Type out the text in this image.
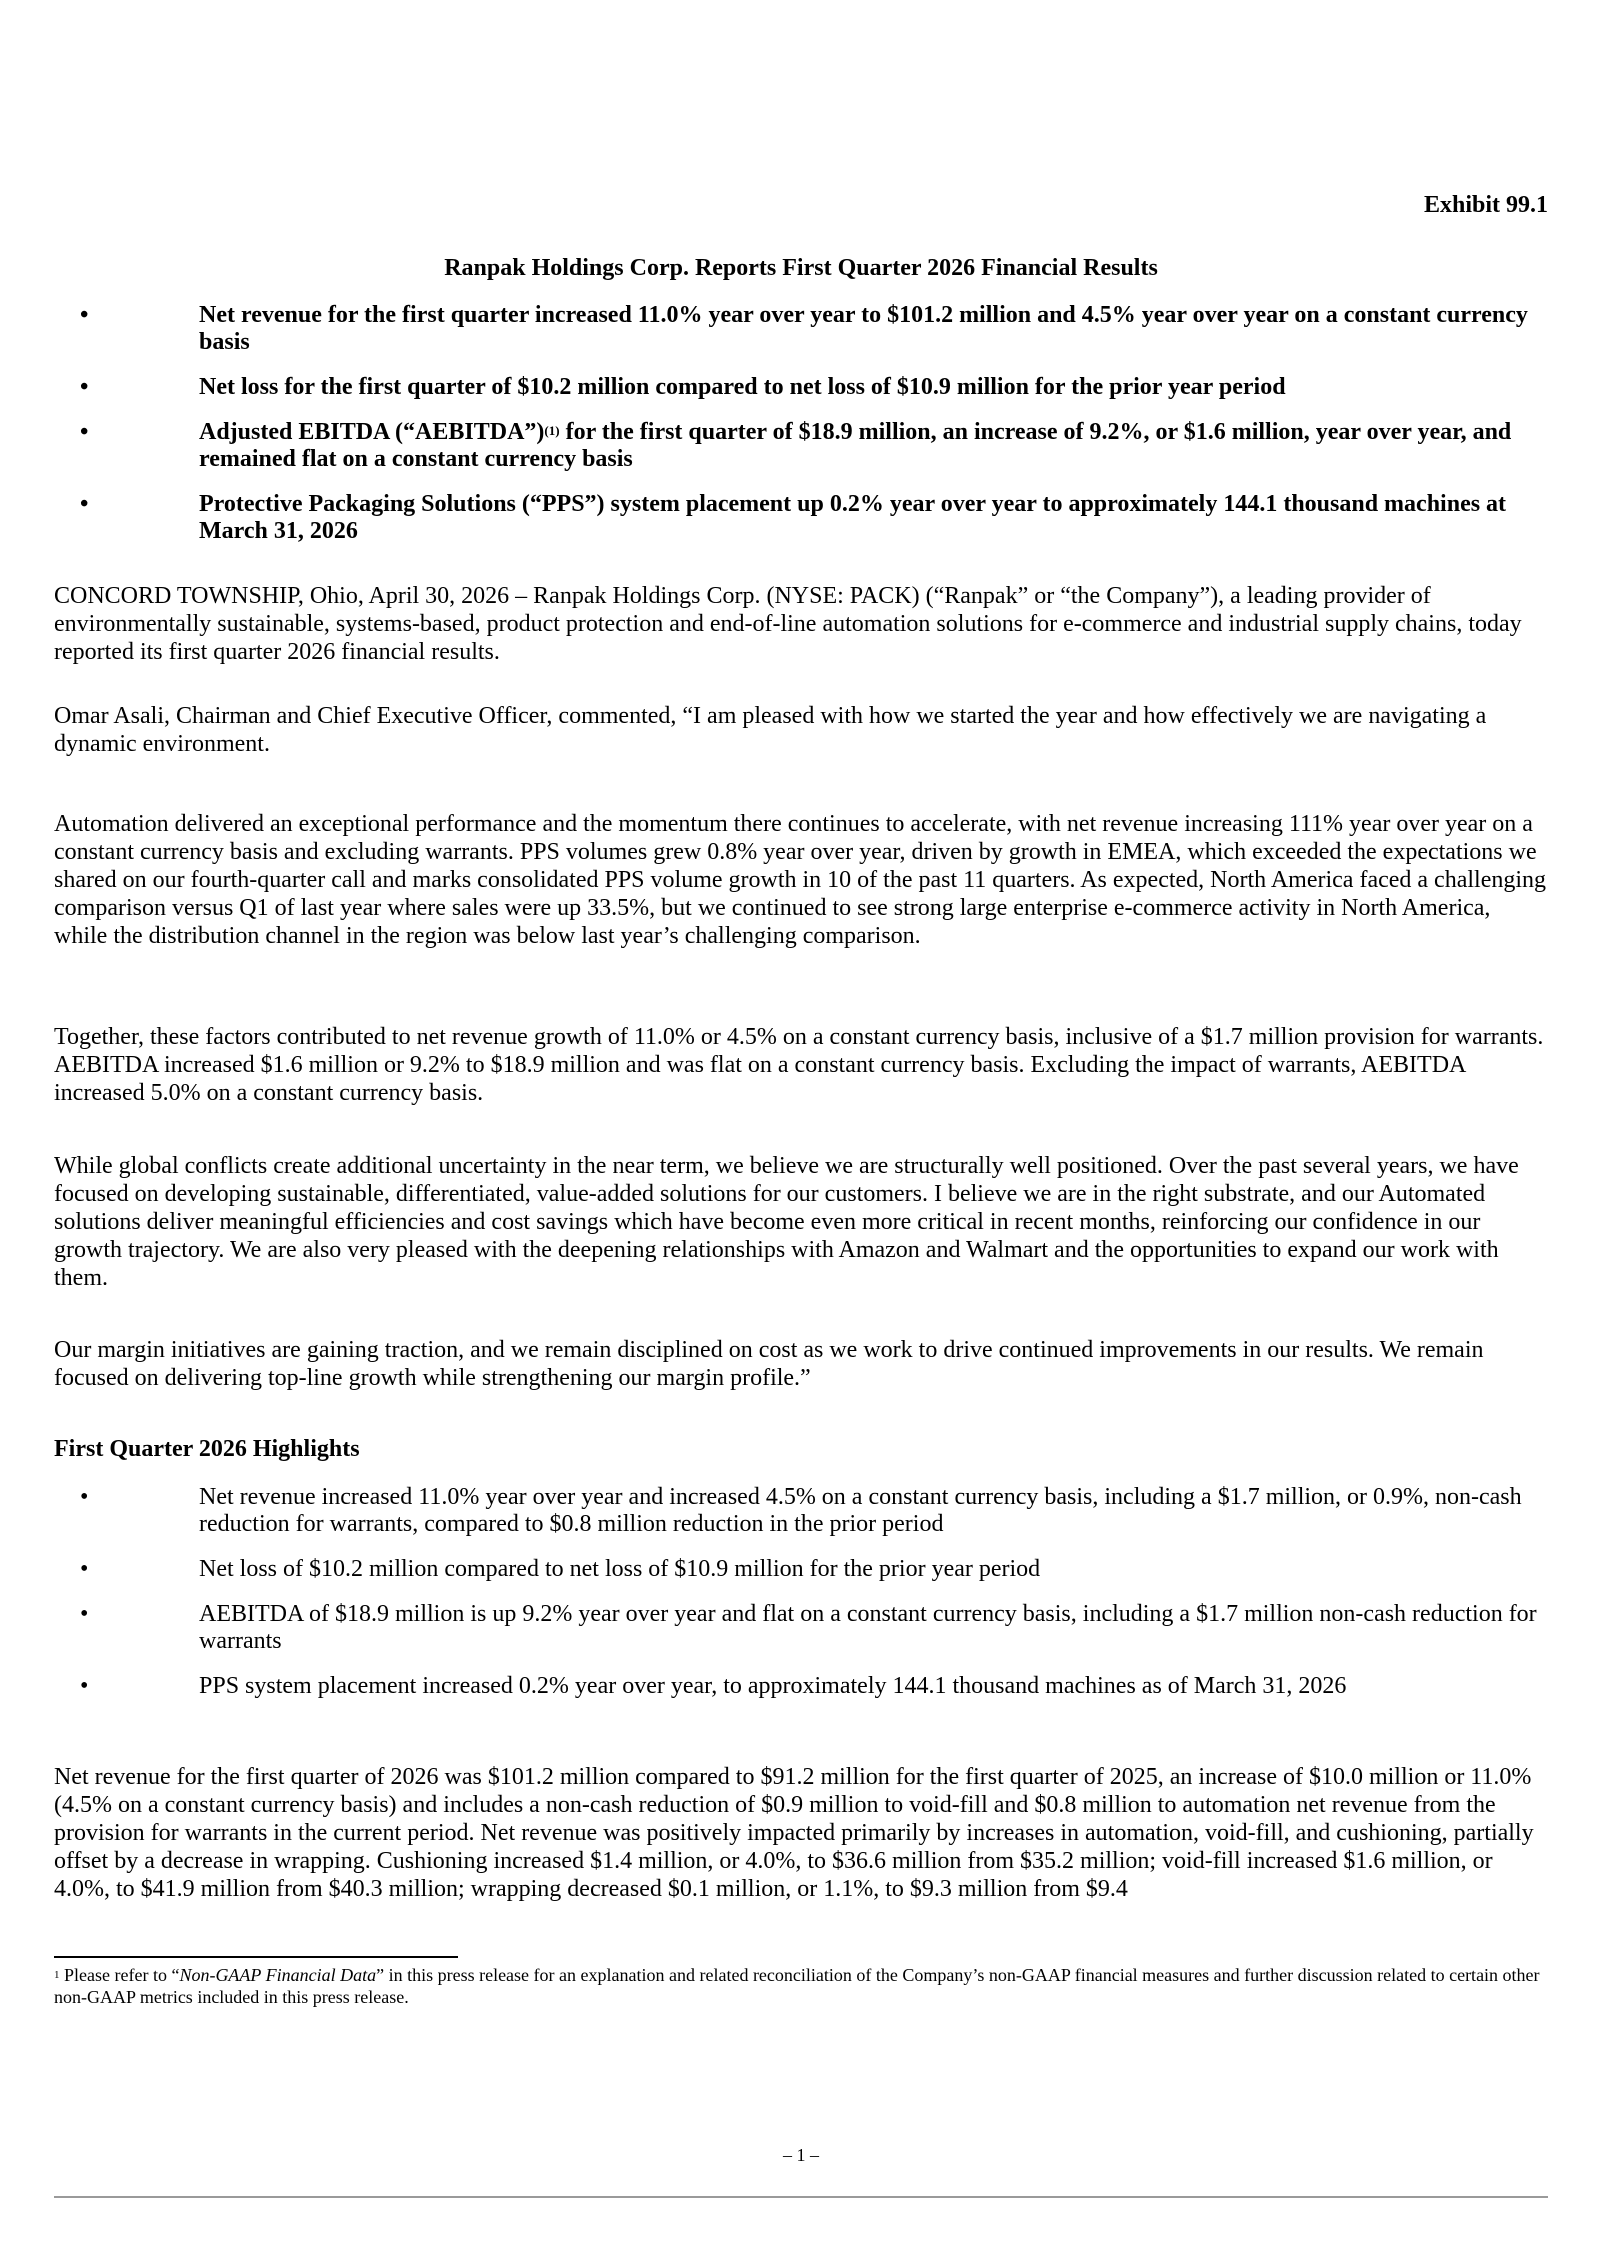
Exhibit 99.1
Ranpak Holdings Corp. Reports First Quarter 2026 Financial Results
•	Net revenue for the first quarter increased 11.0% year over year to $101.2 million and 4.5% year over year on a constant currency basis
•	Net loss for the first quarter of $10.2 million compared to net loss of $10.9 million for the prior year period
•	Adjusted EBITDA (“AEBITDA”)$^{(1)}$ for the first quarter of $18.9 million, an increase of 9.2%, or $1.6 million, year over year, and remained flat on a constant currency basis
•	Protective Packaging Solutions (“PPS”) system placement up 0.2% year over year to approximately 144.1 thousand machines at March 31, 2026

CONCORD TOWNSHIP, Ohio, April 30, 2026 – Ranpak Holdings Corp. (NYSE: PACK) (“Ranpak” or “the Company”), a leading provider of environmentally sustainable, systems-based, product protection and end-of-line automation solutions for e-commerce and industrial supply chains, today reported its first quarter 2026 financial results.

Omar Asali, Chairman and Chief Executive Officer, commented, “I am pleased with how we started the year and how effectively we are navigating a dynamic environment.

Automation delivered an exceptional performance and the momentum there continues to accelerate, with net revenue increasing 111% year over year on a constant currency basis and excluding warrants. PPS volumes grew 0.8% year over year, driven by growth in EMEA, which exceeded the expectations we shared on our fourth-quarter call and marks consolidated PPS volume growth in 10 of the past 11 quarters. As expected, North America faced a challenging comparison versus Q1 of last year where sales were up 33.5%, but we continued to see strong large enterprise e-commerce activity in North America, while the distribution channel in the region was below last year’s challenging comparison.

Together, these factors contributed to net revenue growth of 11.0% or 4.5% on a constant currency basis, inclusive of a $1.7 million provision for warrants. AEBITDA increased $1.6 million or 9.2% to $18.9 million and was flat on a constant currency basis. Excluding the impact of warrants, AEBITDA increased 5.0% on a constant currency basis.

While global conflicts create additional uncertainty in the near term, we believe we are structurally well positioned. Over the past several years, we have focused on developing sustainable, differentiated, value-added solutions for our customers. I believe we are in the right substrate, and our Automated solutions deliver meaningful efficiencies and cost savings which have become even more critical in recent months, reinforcing our confidence in our growth trajectory. We are also very pleased with the deepening relationships with Amazon and Walmart and the opportunities to expand our work with them.

Our margin initiatives are gaining traction, and we remain disciplined on cost as we work to drive continued improvements in our results. We remain focused on delivering top-line growth while strengthening our margin profile.”

First Quarter 2026 Highlights
•	Net revenue increased 11.0% year over year and increased 4.5% on a constant currency basis, including a $1.7 million, or 0.9%, non-cash reduction for warrants, compared to $0.8 million reduction in the prior period
•	Net loss of $10.2 million compared to net loss of $10.9 million for the prior year period
•	AEBITDA of $18.9 million is up 9.2% year over year and flat on a constant currency basis, including a $1.7 million non-cash reduction for warrants
•	PPS system placement increased 0.2% year over year, to approximately 144.1 thousand machines as of March 31, 2026

Net revenue for the first quarter of 2026 was $101.2 million compared to $91.2 million for the first quarter of 2025, an increase of $10.0 million or 11.0% (4.5% on a constant currency basis) and includes a non-cash reduction of $0.9 million to void-fill and $0.8 million to automation net revenue from the provision for warrants in the current period. Net revenue was positively impacted primarily by increases in automation, void-fill, and cushioning, partially offset by a decrease in wrapping. Cushioning increased $1.4 million, or 4.0%, to $36.6 million from $35.2 million; void-fill increased $1.6 million, or 4.0%, to $41.9 million from $40.3 million; wrapping decreased $0.1 million, or 1.1%, to $9.3 million from $9.4

$^1$ Please refer to “Non-GAAP Financial Data” in this press release for an explanation and related reconciliation of the Company’s non-GAAP financial measures and further discussion related to certain other non-GAAP metrics included in this press release.
– 1 –
